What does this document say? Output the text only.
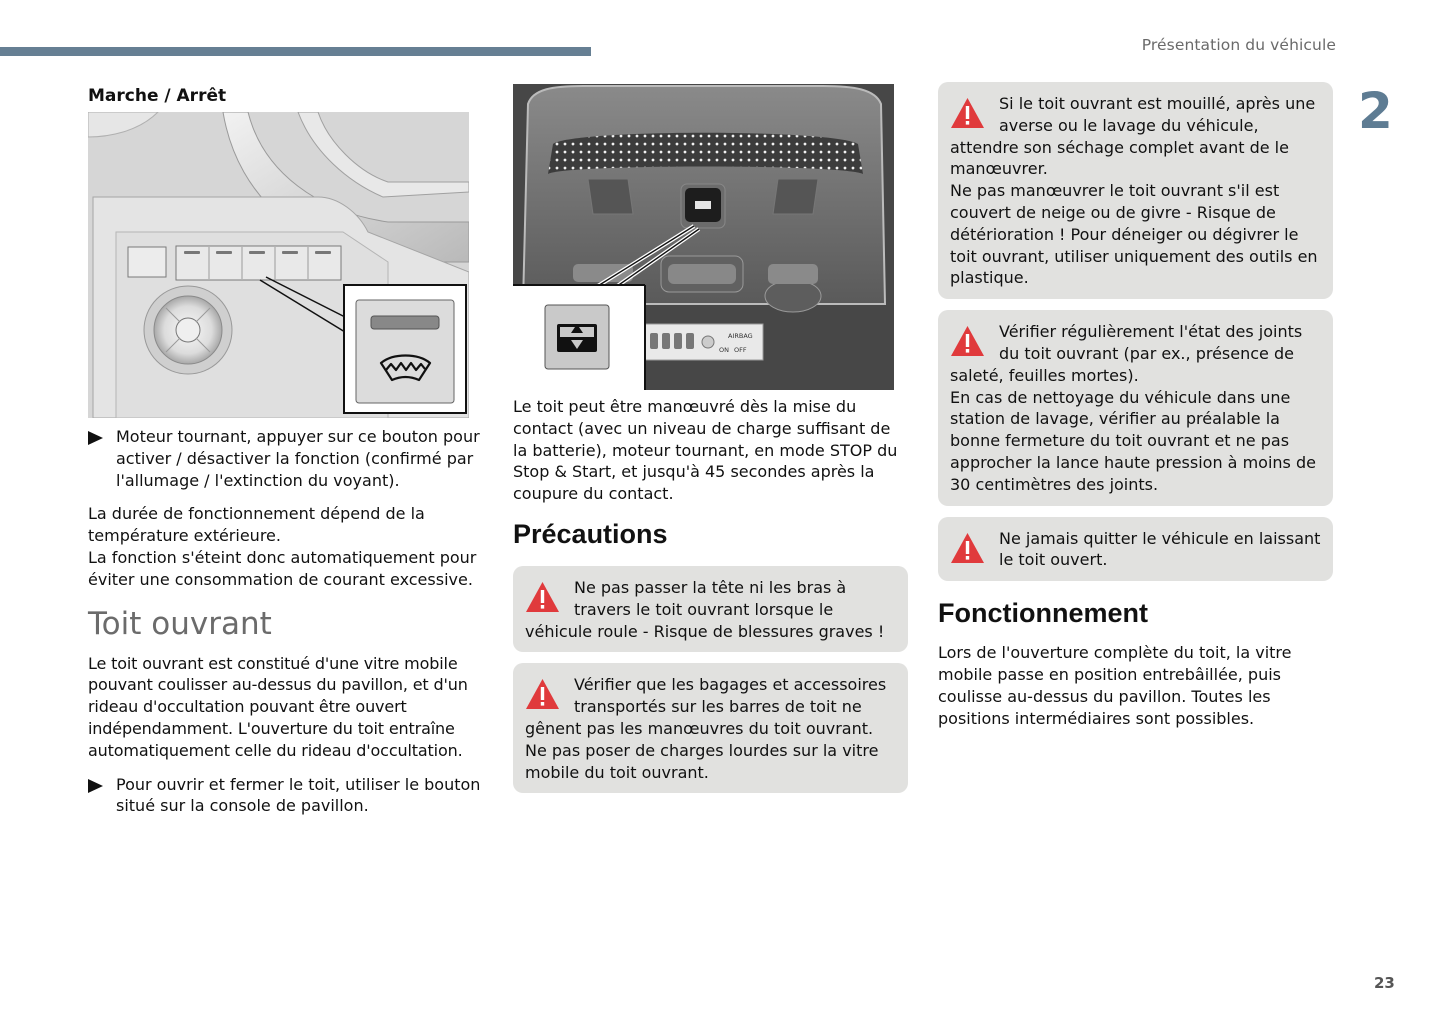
Présentation du véhicule
2
Marche / Arrêt
Moteur tournant, appuyer sur ce bouton pour activer / désactiver la fonction (confirmé par l'allumage / l'extinction du voyant).

La durée de fonctionnement dépend de la température extérieure.
La fonction s'éteint donc automatiquement pour éviter une consommation de courant excessive.

Toit ouvrant

Le toit ouvrant est constitué d'une vitre mobile pouvant coulisser au-dessus du pavillon, et d'un rideau d'occultation pouvant être ouvert indépendamment. L'ouverture du toit entraîne automatiquement celle du rideau d'occultation.

Pour ouvrir et fermer le toit, utiliser le bouton situé sur la console de pavillon.
AIRBAG
ON OFF

Le toit peut être manœuvré dès la mise du contact (avec un niveau de charge suffisant de la batterie), moteur tournant, en mode STOP du Stop & Start, et jusqu'à 45 secondes après la coupure du contact.

Précautions
Ne pas passer la tête ni les bras à travers le toit ouvrant lorsque le véhicule roule - Risque de blessures graves !
Vérifier que les bagages et accessoires transportés sur les barres de toit ne gênent pas les manœuvres du toit ouvrant.
Ne pas poser de charges lourdes sur la vitre mobile du toit ouvrant.
Si le toit ouvrant est mouillé, après une averse ou le lavage du véhicule, attendre son séchage complet avant de le manœuvrer.
Ne pas manœuvrer le toit ouvrant s'il est couvert de neige ou de givre - Risque de détérioration ! Pour déneiger ou dégivrer le toit ouvrant, utiliser uniquement des outils en plastique.
Vérifier régulièrement l'état des joints du toit ouvrant (par ex., présence de saleté, feuilles mortes).
En cas de nettoyage du véhicule dans une station de lavage, vérifier au préalable la bonne fermeture du toit ouvrant et ne pas approcher la lance haute pression à moins de 30 centimètres des joints.
Ne jamais quitter le véhicule en laissant le toit ouvert.
Fonctionnement

Lors de l'ouverture complète du toit, la vitre mobile passe en position entrebâillée, puis coulisse au-dessus du pavillon. Toutes les positions intermédiaires sont possibles.

23
